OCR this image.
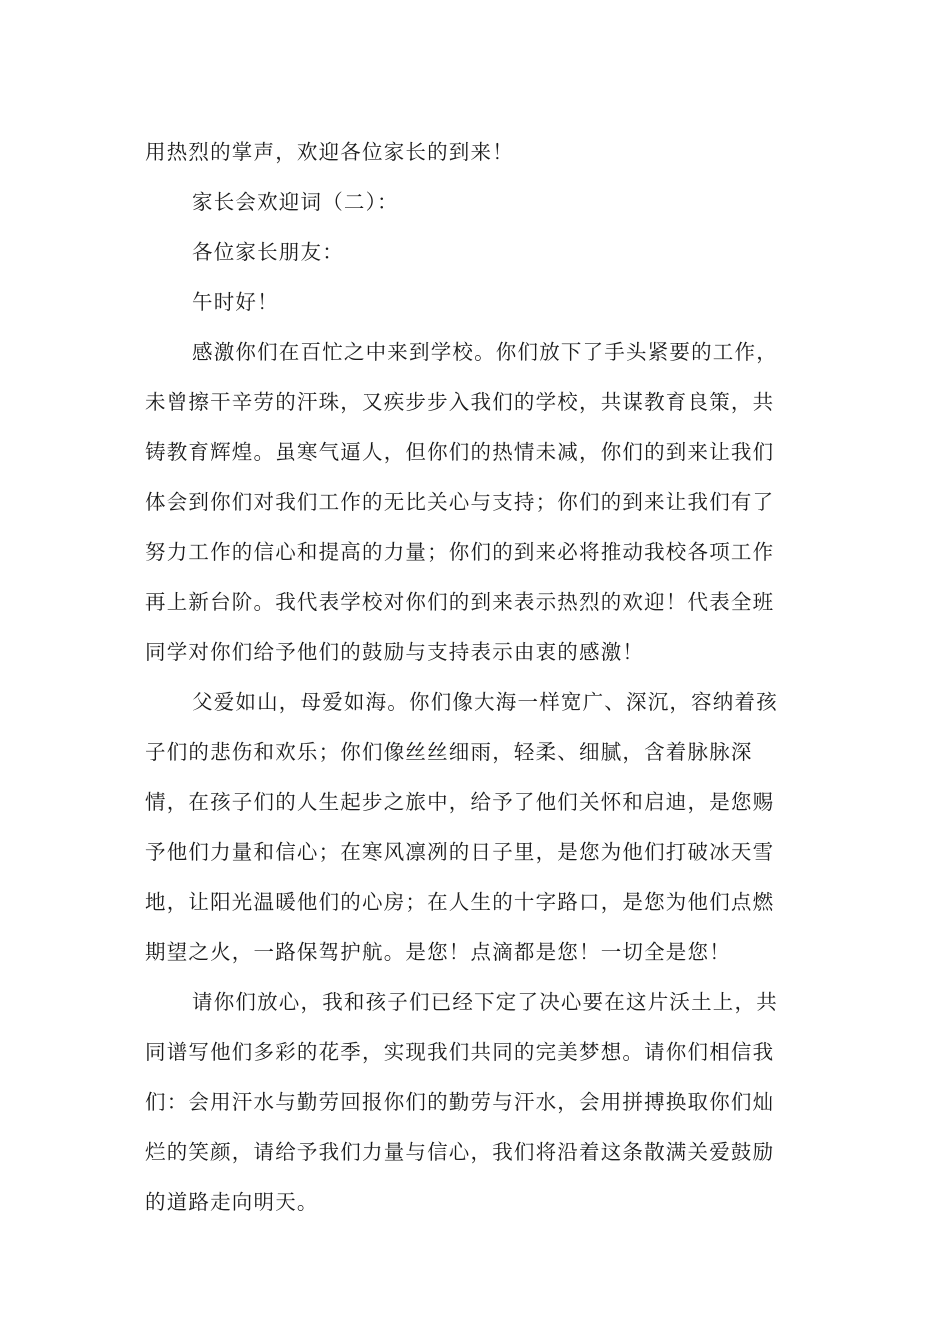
用热烈的掌声，欢迎各位家长的到来！
家长会欢迎词（二）：
各位家长朋友：
午时好！
感激你们在百忙之中来到学校。你们放下了手头紧要的工作，
未曾擦干辛劳的汗珠，又疾步步入我们的学校，共谋教育良策，共
铸教育辉煌。虽寒气逼人，但你们的热情未减，你们的到来让我们
体会到你们对我们工作的无比关心与支持；你们的到来让我们有了
努力工作的信心和提高的力量；你们的到来必将推动我校各项工作
再上新台阶。我代表学校对你们的到来表示热烈的欢迎！代表全班
同学对你们给予他们的鼓励与支持表示由衷的感激！
父爱如山，母爱如海。你们像大海一样宽广、深沉，容纳着孩
子们的悲伤和欢乐；你们像丝丝细雨，轻柔、细腻，含着脉脉深
情，在孩子们的人生起步之旅中，给予了他们关怀和启迪，是您赐
予他们力量和信心；在寒风凛冽的日子里，是您为他们打破冰天雪
地，让阳光温暖他们的心房；在人生的十字路口，是您为他们点燃
期望之火，一路保驾护航。是您！点滴都是您！一切全是您！
请你们放心，我和孩子们已经下定了决心要在这片沃土上，共
同谱写他们多彩的花季，实现我们共同的完美梦想。请你们相信我
们：会用汗水与勤劳回报你们的勤劳与汗水，会用拼搏换取你们灿
烂的笑颜，请给予我们力量与信心，我们将沿着这条散满关爱鼓励
的道路走向明天。
